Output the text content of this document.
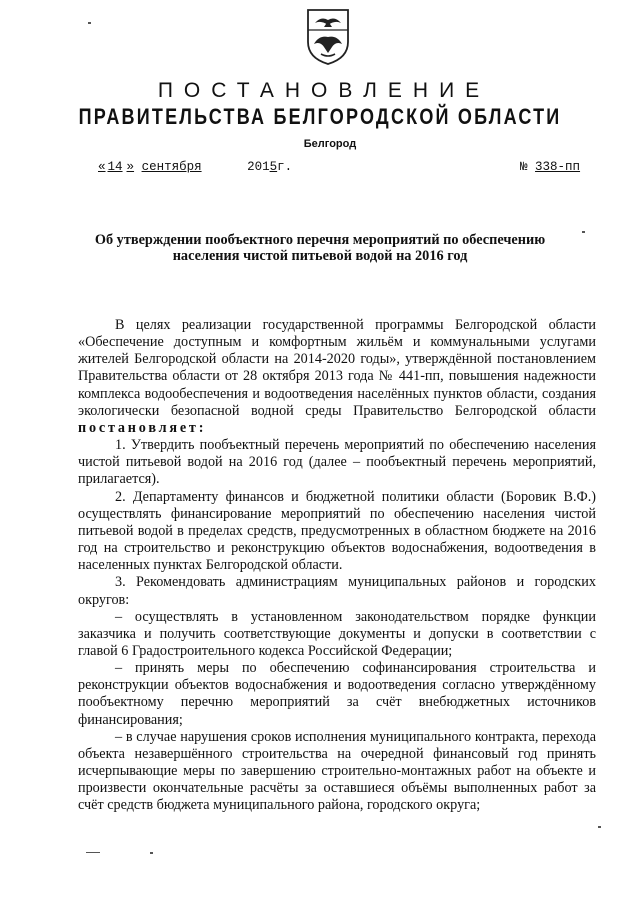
ПОСТАНОВЛЕНИЕ
ПРАВИТЕЛЬСТВА БЕЛГОРОДСКОЙ ОБЛАСТИ
Белгород
« 14 » сентября	2015г.	№ 338-пп
Об утверждении пообъектного перечня мероприятий по обеспечению
населения чистой питьевой водой на 2016 год

В целях реализации государственной программы Белгородской области «Обеспечение доступным и комфортным жильём и коммунальными услугами жителей Белгородской области на 2014-2020 годы», утверждённой постановлением Правительства области от 28 октября 2013 года № 441-пп, повышения надежности комплекса водообеспечения и водоотведения населённых пунктов области, создания экологически безопасной водной среды Правительство Белгородской области постановляет:

1. Утвердить пообъектный перечень мероприятий по обеспечению населения чистой питьевой водой на 2016 год (далее – пообъектный перечень мероприятий, прилагается).

2. Департаменту финансов и бюджетной политики области (Боровик В.Ф.) осуществлять финансирование мероприятий по обеспечению населения чистой питьевой водой в пределах средств, предусмотренных в областном бюджете на 2016 год на строительство и реконструкцию объектов водоснабжения, водоотведения в населенных пунктах Белгородской области.

3. Рекомендовать администрациям муниципальных районов и городских округов:

– осуществлять в установленном законодательством порядке функции заказчика и получить соответствующие документы и допуски в соответствии с главой 6 Градостроительного кодекса Российской Федерации;

– принять меры по обеспечению софинансирования строительства и реконструкции объектов водоснабжения и водоотведения согласно утверждённому пообъектному перечню мероприятий за счёт внебюджетных источников финансирования;

– в случае нарушения сроков исполнения муниципального контракта, перехода объекта незавершённого строительства на очередной финансовый год принять исчерпывающие меры по завершению строительно-монтажных работ на объекте и произвести окончательные расчёты за оставшиеся объёмы выполненных работ за счёт средств бюджета муниципального района, городского округа;
